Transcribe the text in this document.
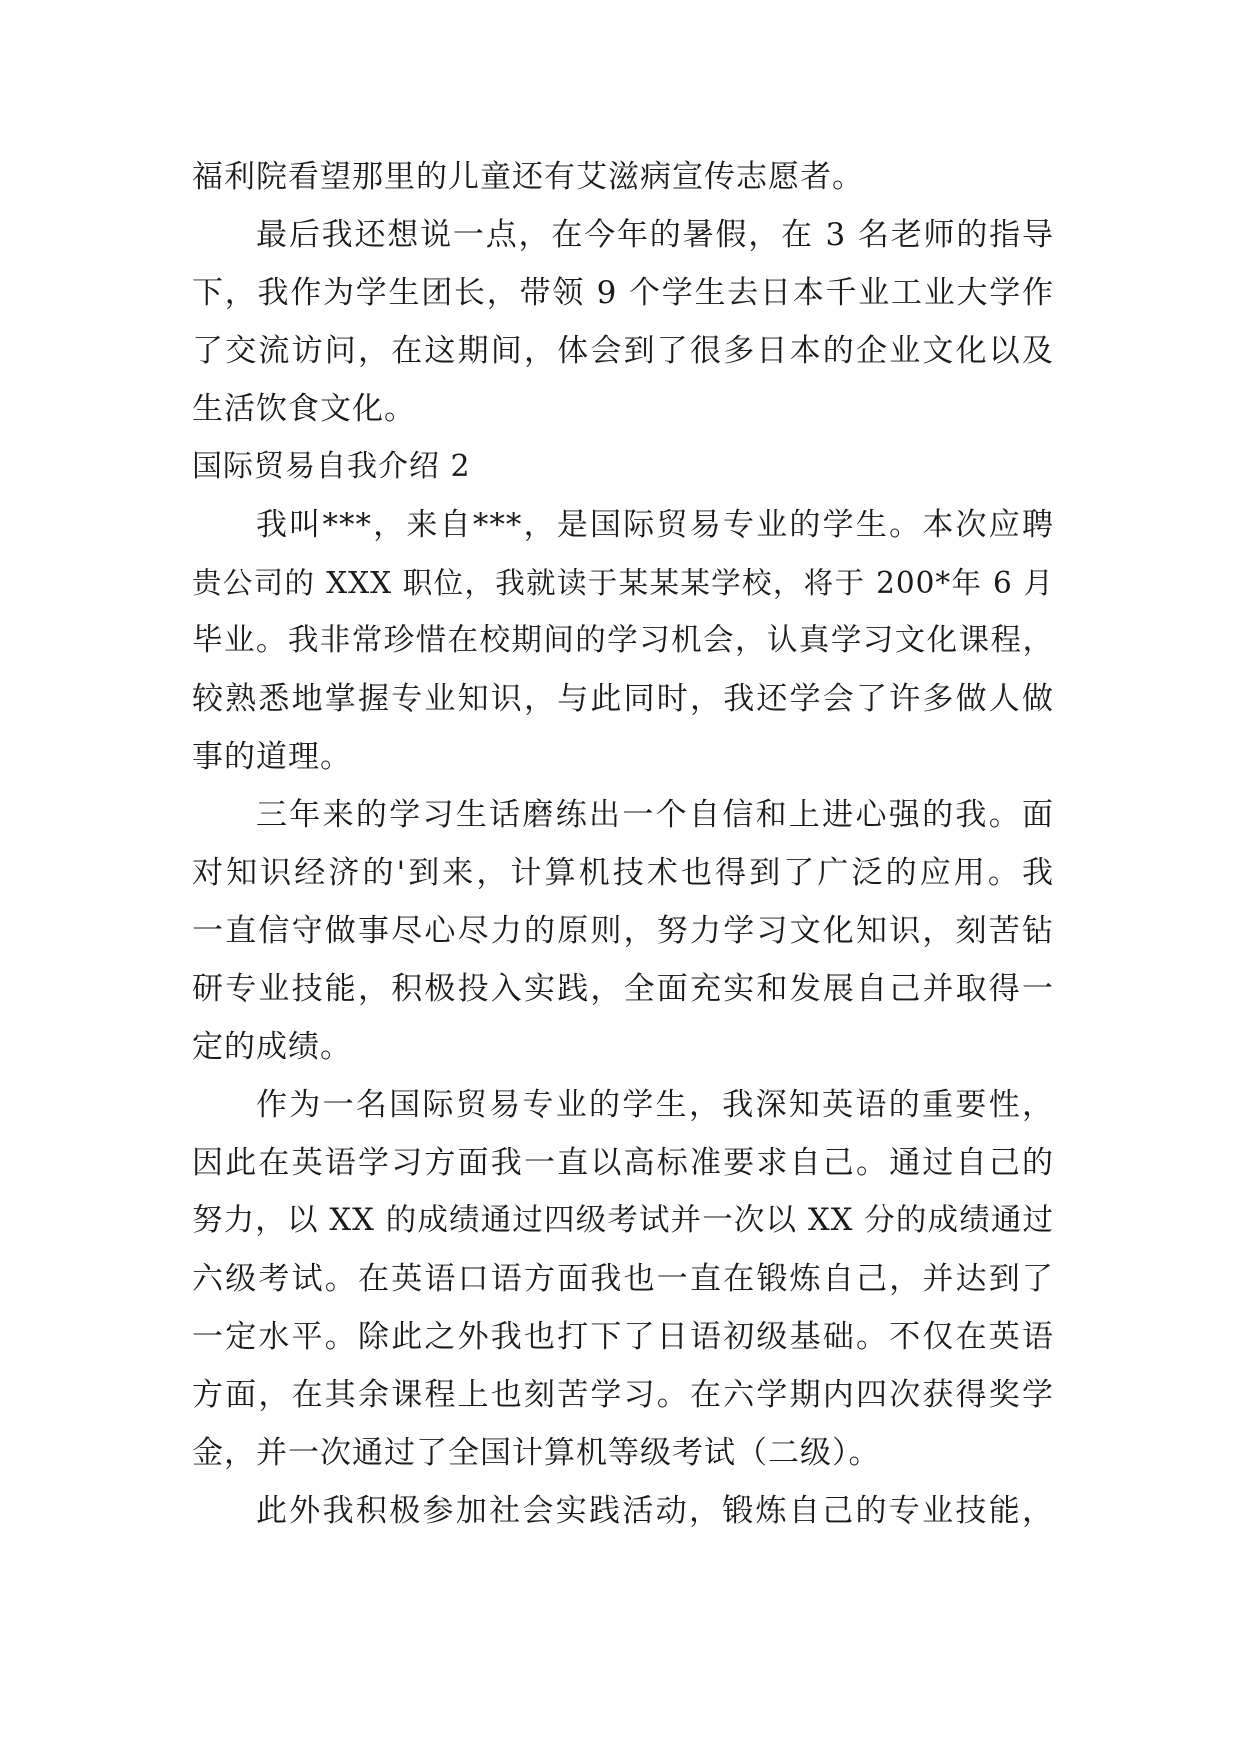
福利院看望那里的儿童还有艾滋病宣传志愿者。
最后我还想说一点，在今年的暑假，在 3 名老师的指导
下，我作为学生团长，带领 9 个学生去日本千业工业大学作
了交流访问，在这期间，体会到了很多日本的企业文化以及
生活饮食文化。
国际贸易自我介绍 2
我叫***，来自***，是国际贸易专业的学生。本次应聘
贵公司的 XXX 职位，我就读于某某某学校，将于 200*年 6 月
毕业。我非常珍惜在校期间的学习机会，认真学习文化课程，
较熟悉地掌握专业知识，与此同时，我还学会了许多做人做
事的道理。
三年来的学习生话磨练出一个自信和上进心强的我。面
对知识经济的'到来，计算机技术也得到了广泛的应用。我
一直信守做事尽心尽力的原则，努力学习文化知识，刻苦钻
研专业技能，积极投入实践，全面充实和发展自己并取得一
定的成绩。
作为一名国际贸易专业的学生，我深知英语的重要性，
因此在英语学习方面我一直以高标准要求自己。通过自己的
努力，以 XX 的成绩通过四级考试并一次以 XX 分的成绩通过
六级考试。在英语口语方面我也一直在锻炼自己，并达到了
一定水平。除此之外我也打下了日语初级基础。不仅在英语
方面，在其余课程上也刻苦学习。在六学期内四次获得奖学
金，并一次通过了全国计算机等级考试（二级）。
此外我积极参加社会实践活动，锻炼自己的专业技能，
